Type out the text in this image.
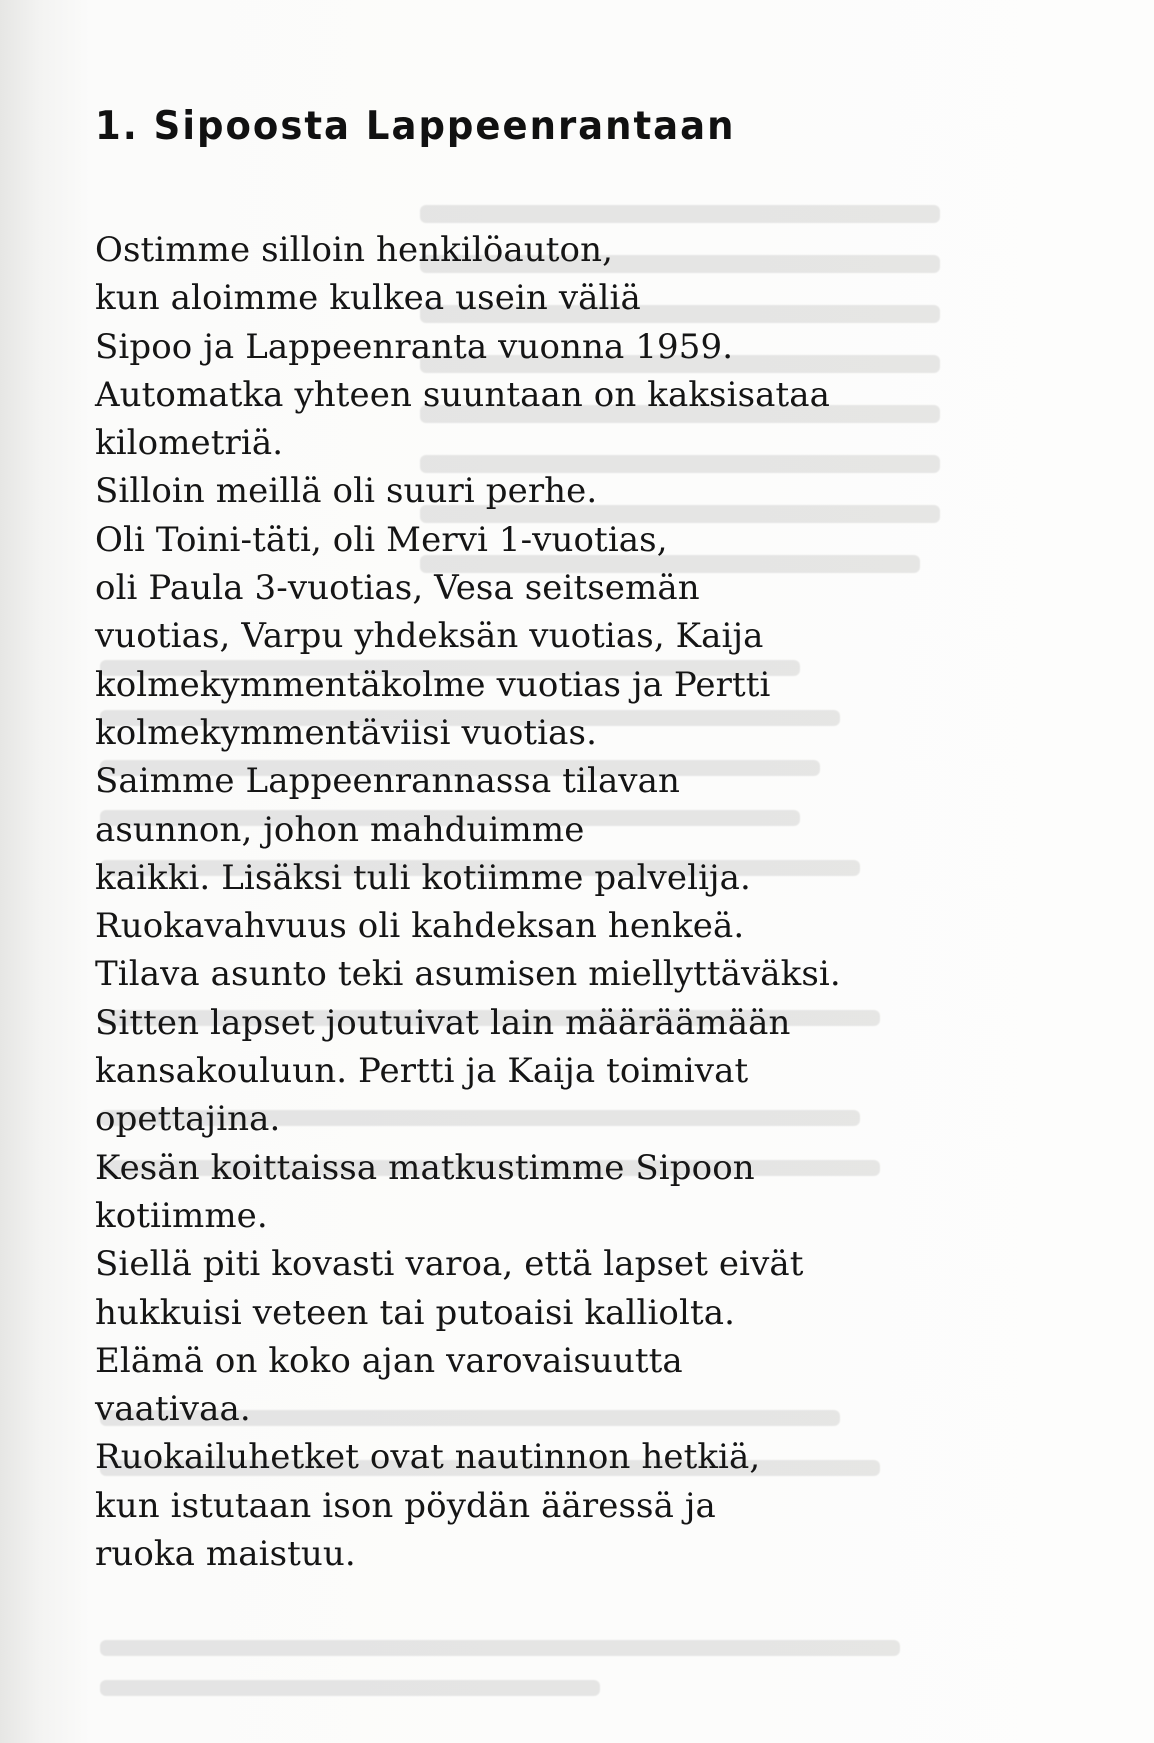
1. Sipoosta Lappeenrantaan
Ostimme silloin henkilöauton,
kun aloimme kulkea usein väliä
Sipoo ja Lappeenranta vuonna 1959.
Automatka yhteen suuntaan on kaksisataa
kilometriä.
Silloin meillä oli suuri perhe.
Oli Toini-täti, oli Mervi 1-vuotias,
oli Paula 3-vuotias, Vesa seitsemän
vuotias, Varpu yhdeksän vuotias, Kaija
kolmekymmentäkolme vuotias ja Pertti
kolmekymmentäviisi vuotias.
Saimme Lappeenrannassa tilavan
asunnon, johon mahduimme
kaikki. Lisäksi tuli kotiimme palvelija.
Ruokavahvuus oli kahdeksan henkeä.
Tilava asunto teki asumisen miellyttäväksi.
Sitten lapset joutuivat lain määräämään
kansakouluun. Pertti ja Kaija toimivat
opettajina.
Kesän koittaissa matkustimme Sipoon
kotiimme.
Siellä piti kovasti varoa, että lapset eivät
hukkuisi veteen tai putoaisi kalliolta.
Elämä on koko ajan varovaisuutta
vaativaa.
Ruokailuhetket ovat nautinnon hetkiä,
kun istutaan ison pöydän ääressä ja
ruoka maistuu.
